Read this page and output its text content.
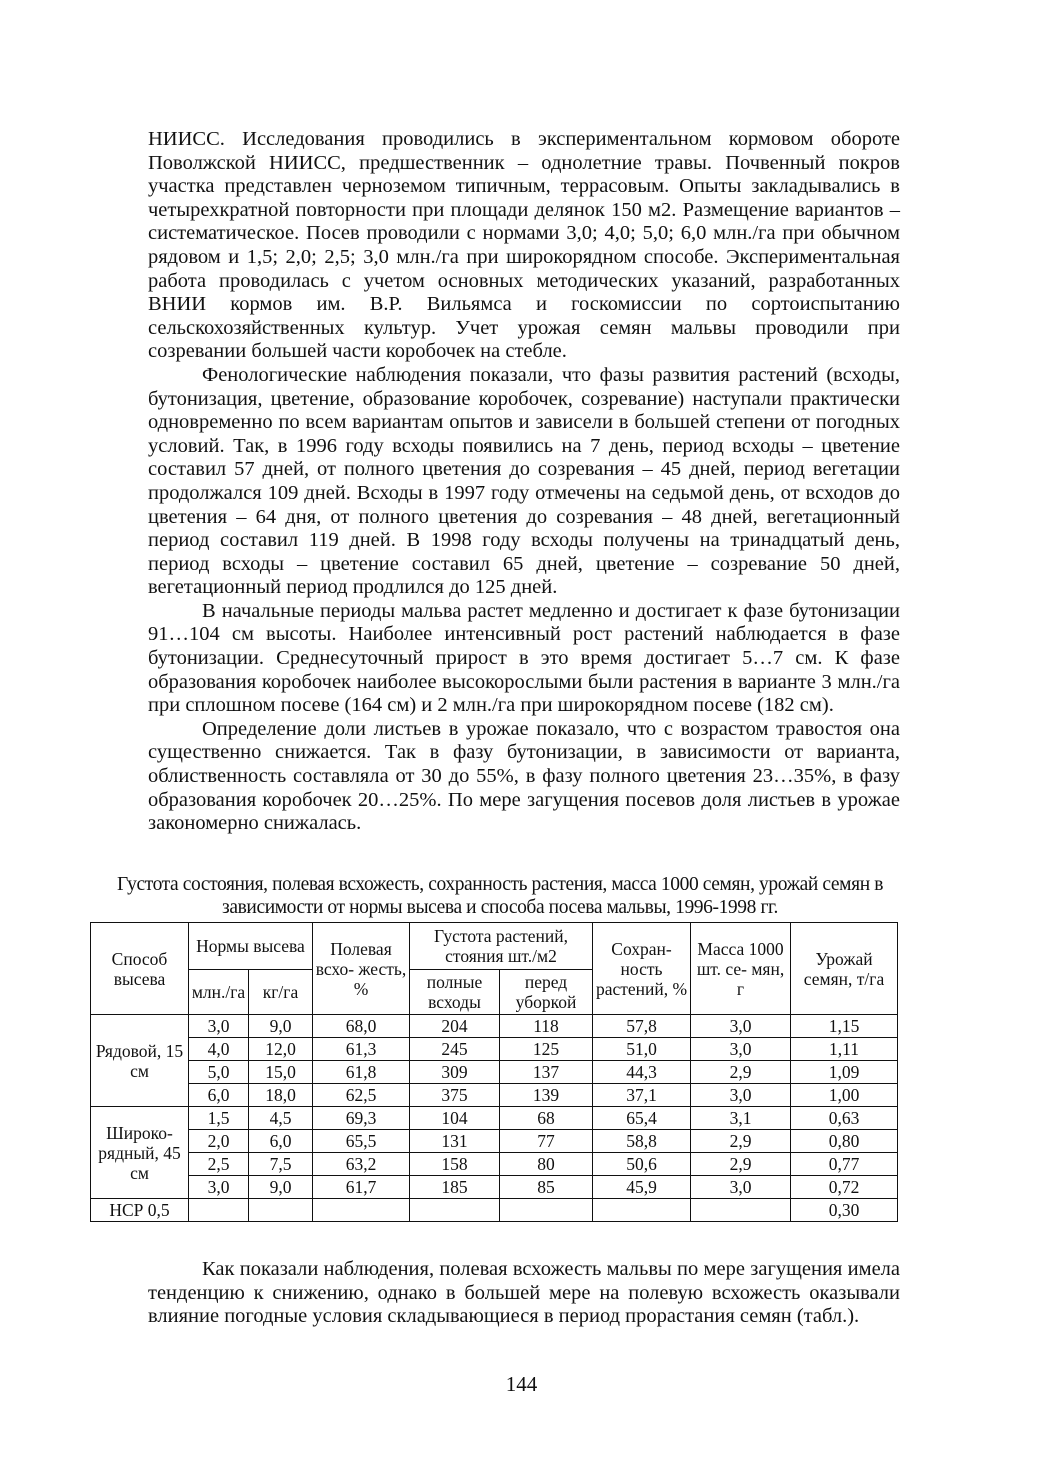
НИИСС. Исследования проводились в экспериментальном кормовом обороте Поволжской НИИСС, предшественник – однолетние травы. Почвенный покров участка представлен черноземом типичным, террасовым. Опыты закладывались в четырехкратной повторности при площади делянок 150 м2. Размещение вариантов – систематическое. Посев проводили с нормами 3,0; 4,0; 5,0; 6,0 млн./га при обычном рядовом и 1,5; 2,0; 2,5; 3,0 млн./га при широкорядном способе. Экспериментальная работа проводилась с учетом основных методических указаний, разработанных ВНИИ кормов им. В.Р. Вильямса и госкомиссии по сортоиспытанию сельскохозяйственных культур. Учет урожая семян мальвы проводили при созревании большей части коробочек на стебле.

Фенологические наблюдения показали, что фазы развития растений (всходы, бутонизация, цветение, образование коробочек, созревание) наступали практически одновременно по всем вариантам опытов и зависели в большей степени от погодных условий. Так, в 1996 году всходы появились на 7 день, период всходы – цветение составил 57 дней, от полного цветения до созревания – 45 дней, период вегетации продолжался 109 дней. Всходы в 1997 году отмечены на седьмой день, от всходов до цветения – 64 дня, от полного цветения до созревания – 48 дней, вегетационный период составил 119 дней. В 1998 году всходы получены на тринадцатый день, период всходы – цветение составил 65 дней, цветение – созревание 50 дней, вегетационный период продлился до 125 дней.

В начальные периоды мальва растет медленно и достигает к фазе бутонизации 91…104 см высоты. Наиболее интенсивный рост растений наблюдается в фазе бутонизации. Среднесуточный прирост в это время достигает 5…7 см. К фазе образования коробочек наиболее высокорослыми были растения в варианте 3 млн./га при сплошном посеве (164 см) и 2 млн./га при широкорядном посеве (182 см).

Определение доли листьев в урожае показало, что с возрастом травостоя она существенно снижается. Так в фазу бутонизации, в зависимости от варианта, облиственность составляла от 30 до 55%, в фазу полного цветения 23…35%, в фазу образования коробочек 20…25%. По мере загущения посевов доля листьев в урожае закономерно снижалась.

Густота состояния, полевая всхожесть, сохранность растения, масса 1000 семян, урожай семян в зависимости от нормы высева и способа посева мальвы, 1996-1998 гг.
Способ высева	Нормы высева		Полевая всхо- жесть, %	Густота растений, стояния шт./м2		Сохран- ность растений, %	Масса 1000 шт. се- мян, г	Урожай семян, т/га
	млн./га	кг/га		полные всходы	перед уборкой			
Рядовой, 15 см	3,0	9,0	68,0	204	118	57,8	3,0	1,15
	4,0	12,0	61,3	245	125	51,0	3,0	1,11
	5,0	15,0	61,8	309	137	44,3	2,9	1,09
	6,0	18,0	62,5	375	139	37,1	3,0	1,00
Широко- рядный, 45 см	1,5	4,5	69,3	104	68	65,4	3,1	0,63
	2,0	6,0	65,5	131	77	58,8	2,9	0,80
	2,5	7,5	63,2	158	80	50,6	2,9	0,77
	3,0	9,0	61,7	185	85	45,9	3,0	0,72
НСР 0,5								0,30

Как показали наблюдения, полевая всхожесть мальвы по мере загущения имела тенденцию к снижению, однако в большей мере на полевую всхожесть оказывали влияние погодные условия складывающиеся в период прорастания семян (табл.).

144
